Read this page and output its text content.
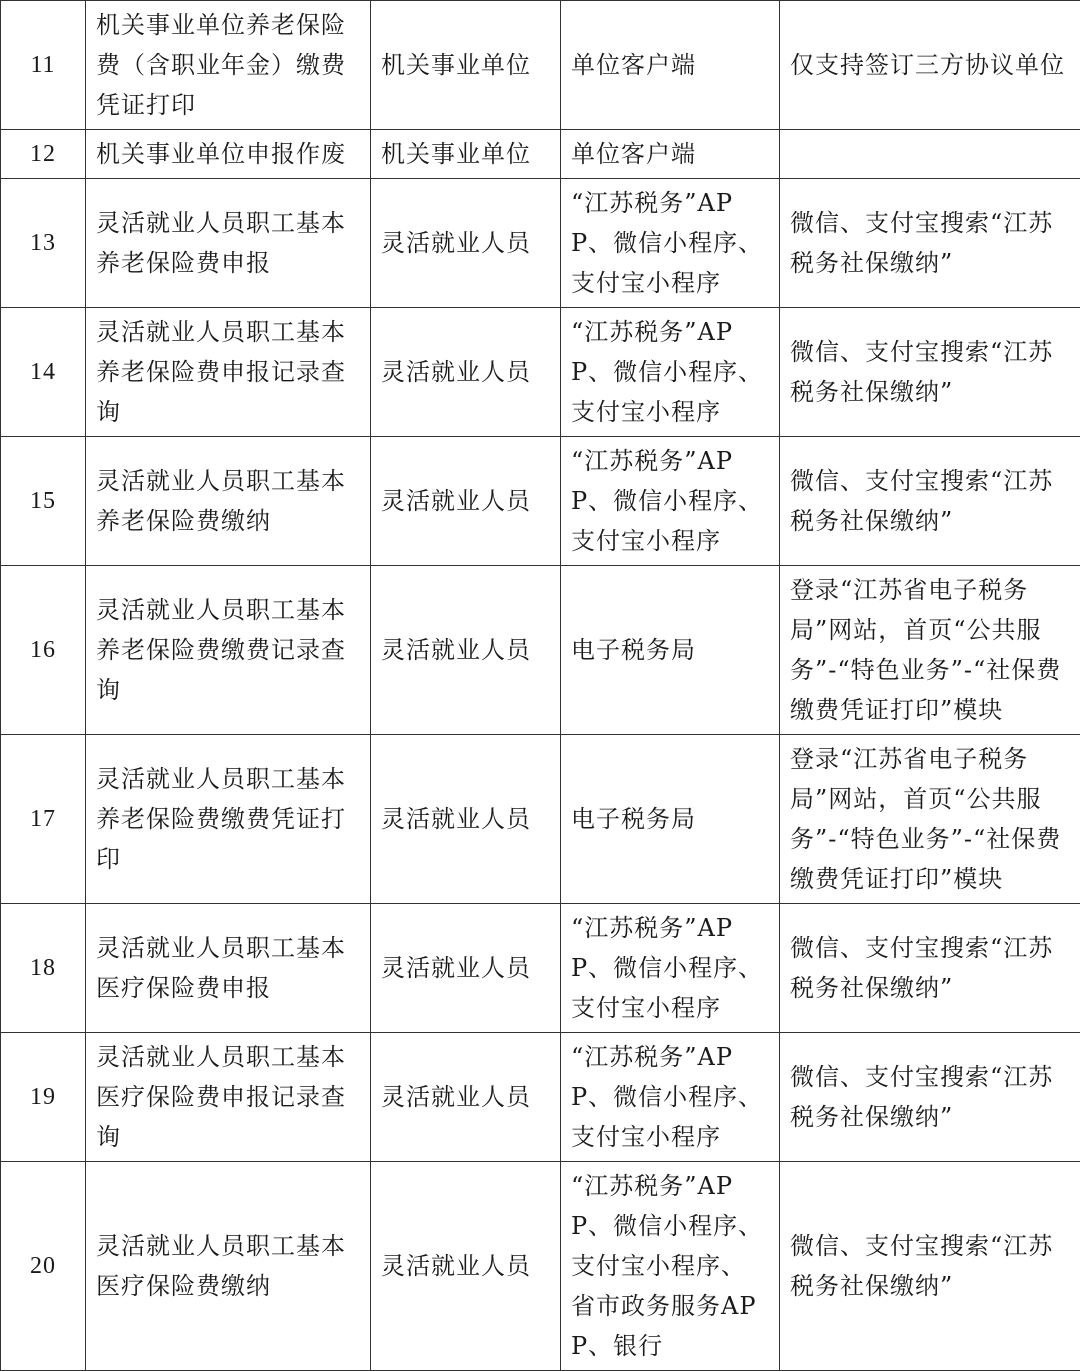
11	机关事业单位养老保险费（含职业年金）缴费凭证打印	机关事业单位	单位客户端	仅支持签订三方协议单位
12	机关事业单位申报作废	机关事业单位	单位客户端	
13	灵活就业人员职工基本养老保险费申报	灵活就业人员	“江苏税务”APP、微信小程序、支付宝小程序	微信、支付宝搜索“江苏税务社保缴纳”
14	灵活就业人员职工基本养老保险费申报记录查询	灵活就业人员	“江苏税务”APP、微信小程序、支付宝小程序	微信、支付宝搜索“江苏税务社保缴纳”
15	灵活就业人员职工基本养老保险费缴纳	灵活就业人员	“江苏税务”APP、微信小程序、支付宝小程序	微信、支付宝搜索“江苏税务社保缴纳”
16	灵活就业人员职工基本养老保险费缴费记录查询	灵活就业人员	电子税务局	登录“江苏省电子税务局”网站，首页“公共服务”-“特色业务”-“社保费缴费凭证打印”模块
17	灵活就业人员职工基本养老保险费缴费凭证打印	灵活就业人员	电子税务局	登录“江苏省电子税务局”网站，首页“公共服务”-“特色业务”-“社保费缴费凭证打印”模块
18	灵活就业人员职工基本医疗保险费申报	灵活就业人员	“江苏税务”APP、微信小程序、支付宝小程序	微信、支付宝搜索“江苏税务社保缴纳”
19	灵活就业人员职工基本医疗保险费申报记录查询	灵活就业人员	“江苏税务”APP、微信小程序、支付宝小程序	微信、支付宝搜索“江苏税务社保缴纳”
20	灵活就业人员职工基本医疗保险费缴纳	灵活就业人员	“江苏税务”APP、微信小程序、支付宝小程序、省市政务服务APP、银行	微信、支付宝搜索“江苏税务社保缴纳”
